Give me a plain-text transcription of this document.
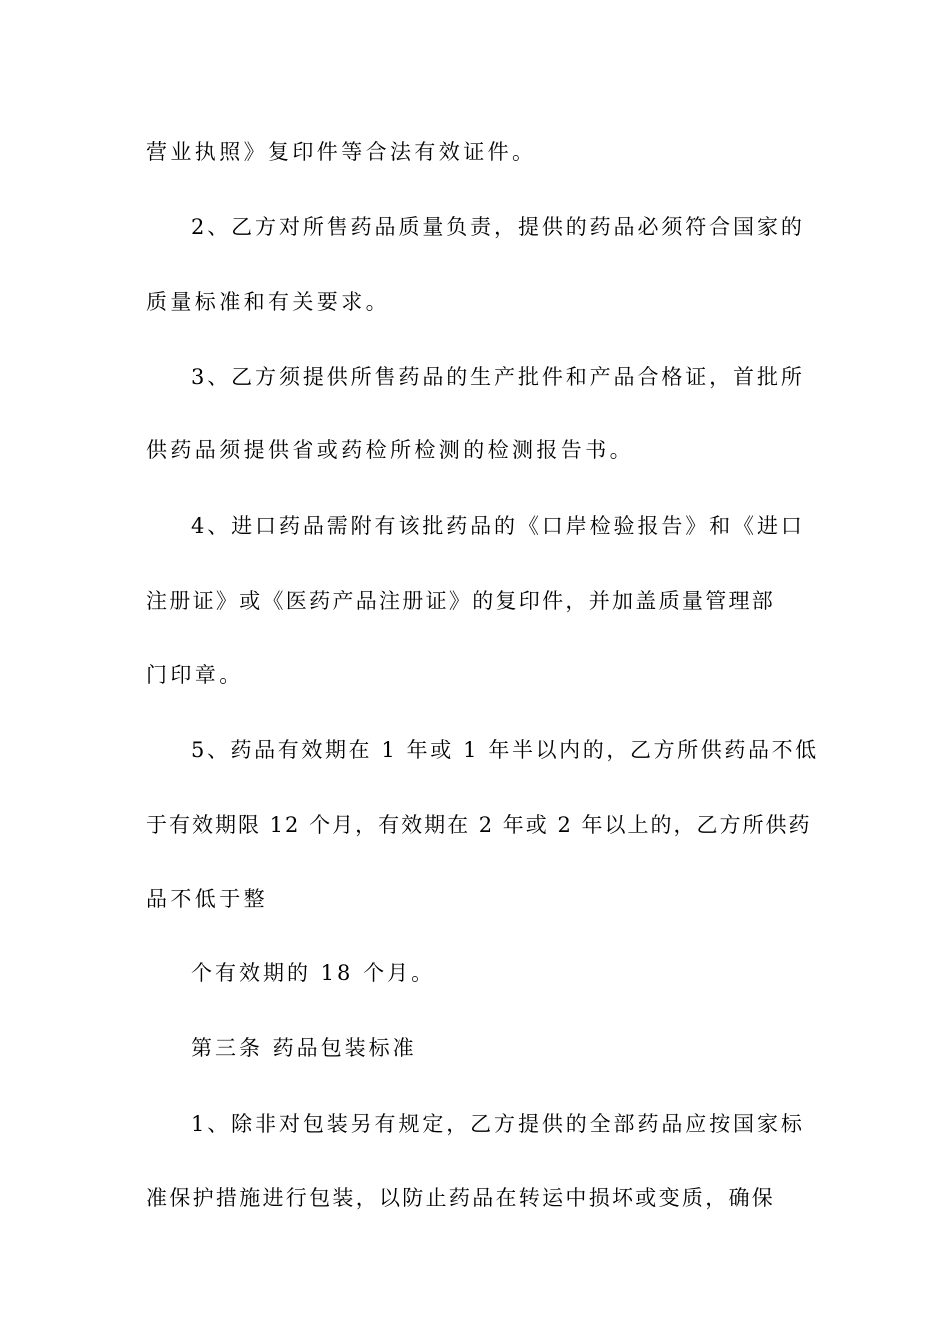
营业执照》复印件等合法有效证件。
2、乙方对所售药品质量负责，提供的药品必须符合国家的
质量标准和有关要求。
3、乙方须提供所售药品的生产批件和产品合格证，首批所
供药品须提供省或药检所检测的检测报告书。
4、进口药品需附有该批药品的《口岸检验报告》和《进口
注册证》或《医药产品注册证》的复印件，并加盖质量管理部
门印章。
5、药品有效期在 1 年或 1 年半以内的，乙方所供药品不低
于有效期限 12 个月，有效期在 2 年或 2 年以上的，乙方所供药
品不低于整
个有效期的 18 个月。
第三条 药品包装标准
1、除非对包装另有规定，乙方提供的全部药品应按国家标
准保护措施进行包装，以防止药品在转运中损坏或变质，确保
